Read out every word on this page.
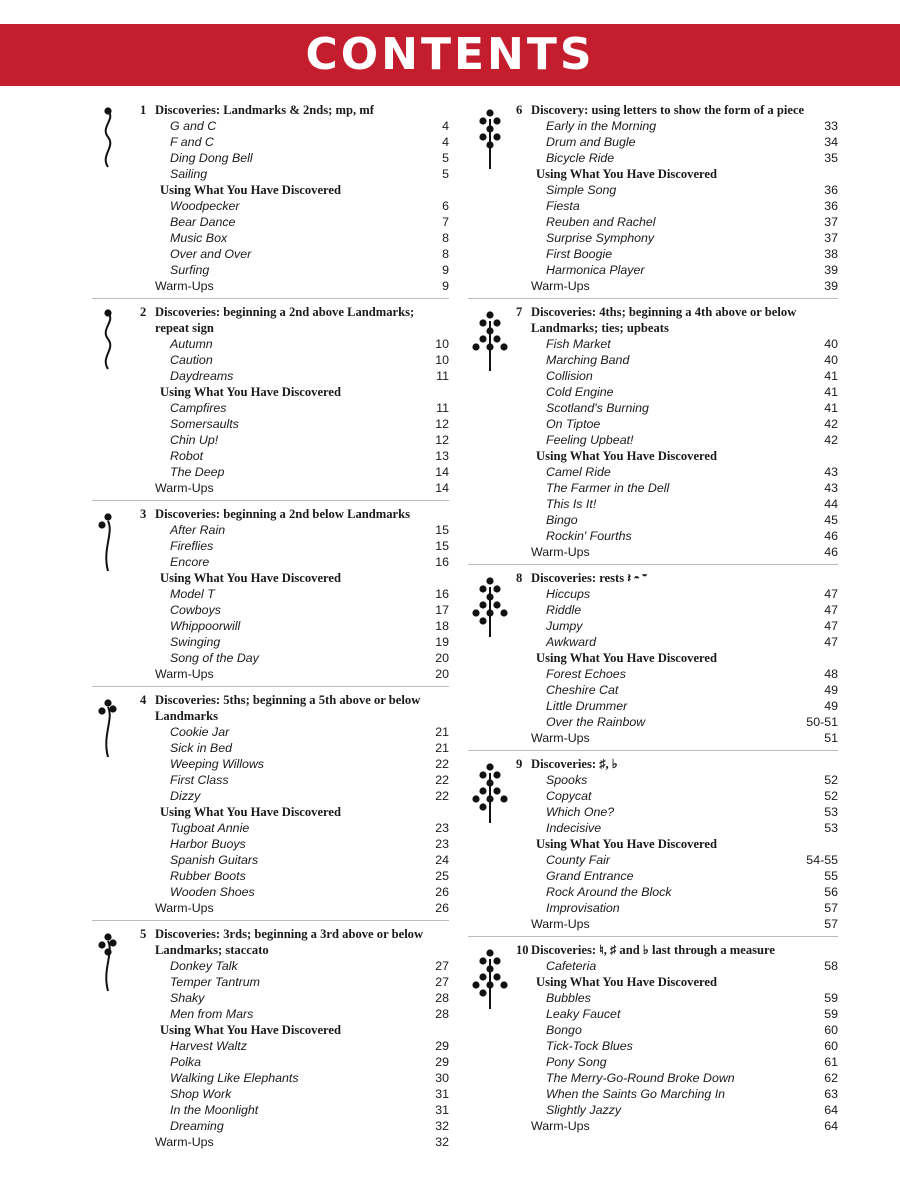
CONTENTS
1 Discoveries: Landmarks & 2nds; mp, mf
G and C	4
F and C	4
Ding Dong Bell	5
Sailing	5
Using What You Have Discovered
Woodpecker	6
Bear Dance	7
Music Box	8
Over and Over	8
Surfing	9
Warm-Ups	9
2 Discoveries: beginning a 2nd above Landmarks; repeat sign
Autumn	10
Caution	10
Daydreams	11
Using What You Have Discovered
Campfires	11
Somersaults	12
Chin Up!	12
Robot	13
The Deep	14
Warm-Ups	14
3 Discoveries: beginning a 2nd below Landmarks
After Rain	15
Fireflies	15
Encore	16
Using What You Have Discovered
Model T	16
Cowboys	17
Whippoorwill	18
Swinging	19
Song of the Day	20
Warm-Ups	20
4 Discoveries: 5ths; beginning a 5th above or below Landmarks
Cookie Jar	21
Sick in Bed	21
Weeping Willows	22
First Class	22
Dizzy	22
Using What You Have Discovered
Tugboat Annie	23
Harbor Buoys	23
Spanish Guitars	24
Rubber Boots	25
Wooden Shoes	26
Warm-Ups	26
5 Discoveries: 3rds; beginning a 3rd above or below Landmarks; staccato
Donkey Talk	27
Temper Tantrum	27
Shaky	28
Men from Mars	28
Using What You Have Discovered
Harvest Waltz	29
Polka	29
Walking Like Elephants	30
Shop Work	31
In the Moonlight	31
Dreaming	32
Warm-Ups	32
6 Discovery: using letters to show the form of a piece
Early in the Morning	33
Drum and Bugle	34
Bicycle Ride	35
Using What You Have Discovered
Simple Song	36
Fiesta	36
Reuben and Rachel	37
Surprise Symphony	37
First Boogie	38
Harmonica Player	39
Warm-Ups	39
7 Discoveries: 4ths; beginning a 4th above or below Landmarks; ties; upbeats
Fish Market	40
Marching Band	40
Collision	41
Cold Engine	41
Scotland's Burning	41
On Tiptoe	42
Feeling Upbeat!	42
Using What You Have Discovered
Camel Ride	43
The Farmer in the Dell	43
This Is It!	44
Bingo	45
Rockin' Fourths	46
Warm-Ups	46
8 Discoveries: rests 𝄽 𝄼 𝄻
Hiccups	47
Riddle	47
Jumpy	47
Awkward	47
Using What You Have Discovered
Forest Echoes	48
Cheshire Cat	49
Little Drummer	49
Over the Rainbow	50-51
Warm-Ups	51
9 Discoveries: ♯, ♭
Spooks	52
Copycat	52
Which One?	53
Indecisive	53
Using What You Have Discovered
County Fair	54-55
Grand Entrance	55
Rock Around the Block	56
Improvisation	57
Warm-Ups	57
10 Discoveries: ♮, ♯ and ♭ last through a measure
Cafeteria	58
Using What You Have Discovered
Bubbles	59
Leaky Faucet	59
Bongo	60
Tick-Tock Blues	60
Pony Song	61
The Merry-Go-Round Broke Down	62
When the Saints Go Marching In	63
Slightly Jazzy	64
Warm-Ups	64
